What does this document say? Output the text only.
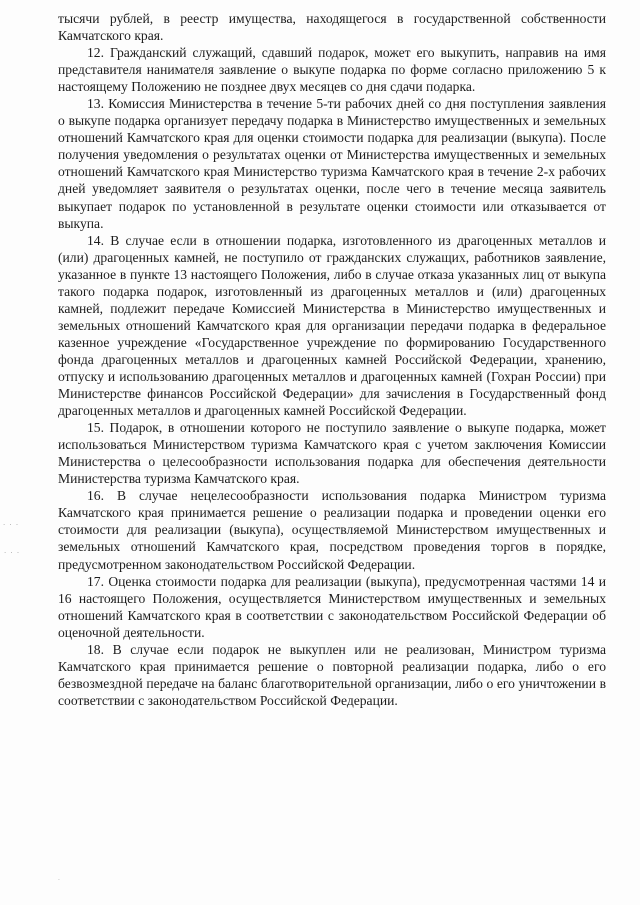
тысячи рублей, в реестр имущества, находящегося в государственной собственности Камчатского края.

12. Гражданский служащий, сдавший подарок, может его выкупить, направив на имя представителя нанимателя заявление о выкупе подарка по форме согласно приложению 5 к настоящему Положению не позднее двух месяцев со дня сдачи подарка.

13. Комиссия Министерства в течение 5-ти рабочих дней со дня поступления заявления о выкупе подарка организует передачу подарка в Министерство имущественных и земельных отношений Камчатского края для оценки стоимости подарка для реализации (выкупа). После получения уведомления о результатах оценки от Министерства имущественных и земельных отношений Камчатского края Министерство туризма Камчатского края в течение 2-х рабочих дней уведомляет заявителя о результатах оценки, после чего в течение месяца заявитель выкупает подарок по установленной в результате оценки стоимости или отказывается от выкупа.

14. В случае если в отношении подарка, изготовленного из драгоценных металлов и (или) драгоценных камней, не поступило от гражданских служащих, работников заявление, указанное в пункте 13 настоящего Положения, либо в случае отказа указанных лиц от выкупа такого подарка подарок, изготовленный из драгоценных металлов и (или) драгоценных камней, подлежит передаче Комиссией Министерства в Министерство имущественных и земельных отношений Камчатского края для организации передачи подарка в федеральное казенное учреждение «Государственное учреждение по формированию Государственного фонда драгоценных металлов и драгоценных камней Российской Федерации, хранению, отпуску и использованию драгоценных металлов и драгоценных камней (Гохран России) при Министерстве финансов Российской Федерации» для зачисления в Государственный фонд драгоценных металлов и драгоценных камней Российской Федерации.

15. Подарок, в отношении которого не поступило заявление о выкупе подарка, может использоваться Министерством туризма Камчатского края с учетом заключения Комиссии Министерства о целесообразности использования подарка для обеспечения деятельности Министерства туризма Камчатского края.

16. В случае нецелесообразности использования подарка Министром туризма Камчатского края принимается решение о реализации подарка и проведении оценки его стоимости для реализации (выкупа), осуществляемой Министерством имущественных и земельных отношений Камчатского края, посредством проведения торгов в порядке, предусмотренном законодательством Российской Федерации.

17. Оценка стоимости подарка для реализации (выкупа), предусмотренная частями 14 и 16 настоящего Положения, осуществляется Министерством имущественных и земельных отношений Камчатского края в соответствии с законодательством Российской Федерации об оценочной деятельности.

18. В случае если подарок не выкуплен или не реализован, Министром туризма Камчатского края принимается решение о повторной реализации подарка, либо о его безвозмездной передаче на баланс благотворительной организации, либо о его уничтожении в соответствии с законодательством Российской Федерации.

· · ·
· · ·
·
